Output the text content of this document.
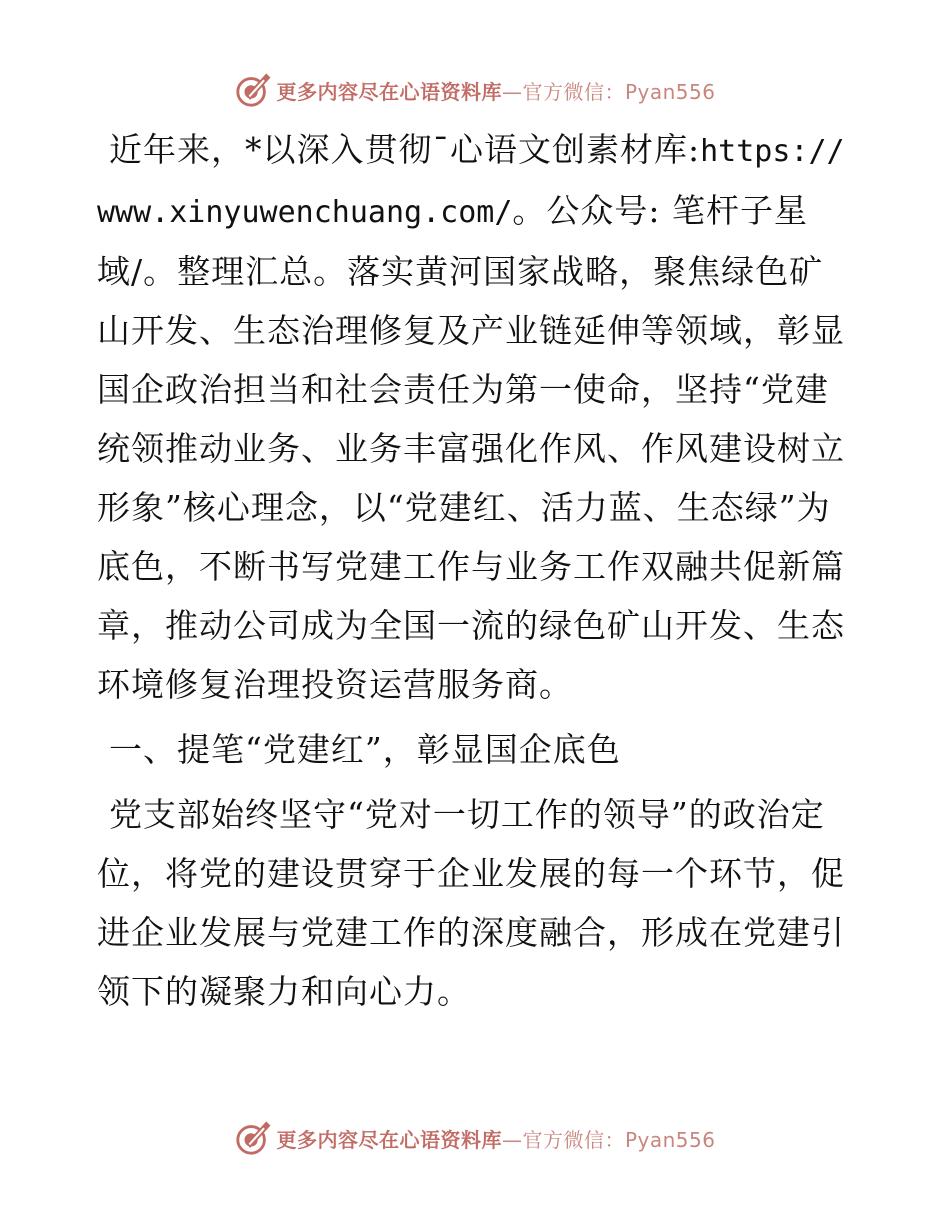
更多内容尽在心语资料库—官方微信：Pyan556

近年来，*以深入贯彻¯心语文创素材库:https://www.xinyuwenchuang.com/。公众号: 笔杆子星域/。整理汇总。落实黄河国家战略，聚焦绿色矿山开发、生态治理修复及产业链延伸等领域，彰显国企政治担当和社会责任为第一使命，坚持“党建统领推动业务、业务丰富强化作风、作风建设树立形象”核心理念，以“党建红、活力蓝、生态绿”为底色，不断书写党建工作与业务工作双融共促新篇章，推动公司成为全国一流的绿色矿山开发、生态环境修复治理投资运营服务商。

一、提笔“党建红”，彰显国企底色

党支部始终坚守“党对一切工作的领导”的政治定位，将党的建设贯穿于企业发展的每一个环节，促进企业发展与党建工作的深度融合，形成在党建引领下的凝聚力和向心力。

更多内容尽在心语资料库—官方微信：Pyan556
